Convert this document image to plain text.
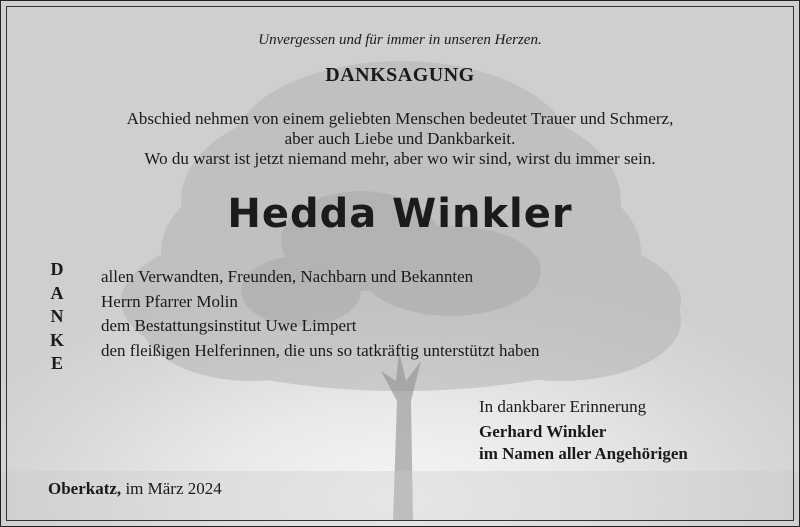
Unvergessen und für immer in unseren Herzen.
DANKSAGUNG
Abschied nehmen von einem geliebten Menschen bedeutet Trauer und Schmerz,
aber auch Liebe und Dankbarkeit.
Wo du warst ist jetzt niemand mehr, aber wo wir sind, wirst du immer sein.
Hedda Winkler
D
A
N
K
E
allen Verwandten, Freunden, Nachbarn und Bekannten
Herrn Pfarrer Molin
dem Bestattungsinstitut Uwe Limpert
den fleißigen Helferinnen, die uns so tatkräftig unterstützt haben
In dankbarer Erinnerung
Gerhard Winkler
im Namen aller Angehörigen
Oberkatz, im März 2024
